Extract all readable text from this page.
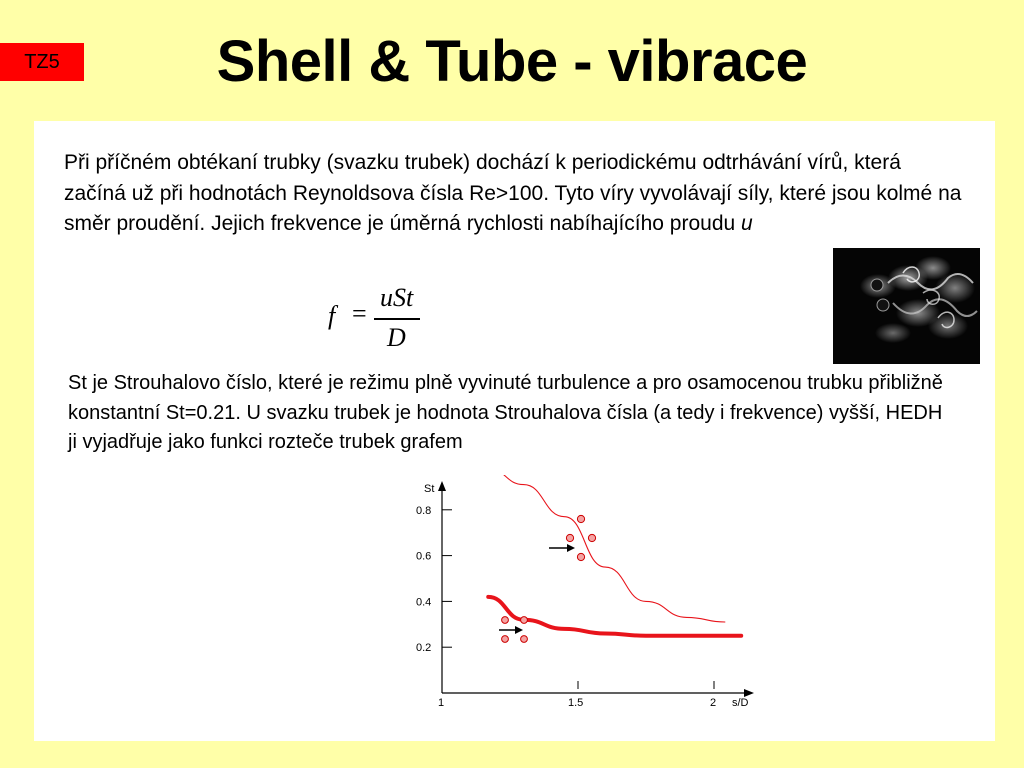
TZ5	Shell & Tube - vibrace
Při příčném obtékaní trubky (svazku trubek) dochází k periodickému odtrhávání vírů, která začíná už při hodnotách Reynoldsova čísla Re>100. Tyto víry vyvolávají síly, které jsou kolmé na směr proudění. Jejich frekvence je úměrná rychlosti nabíhajícího proudu u
f =
uSt
D
St je Strouhalovo číslo, které je režimu plně vyvinuté turbulence a pro osamocenou trubku přibližně konstantní St=0.21. U svazku trubek je hodnota Strouhalova čísla (a tedy i frekvence) vyšší, HEDH ji vyjadřuje jako funkci rozteče trubek grafem
St
s/D
0.2
0.4
0.6
0.8
1	1.5	2
